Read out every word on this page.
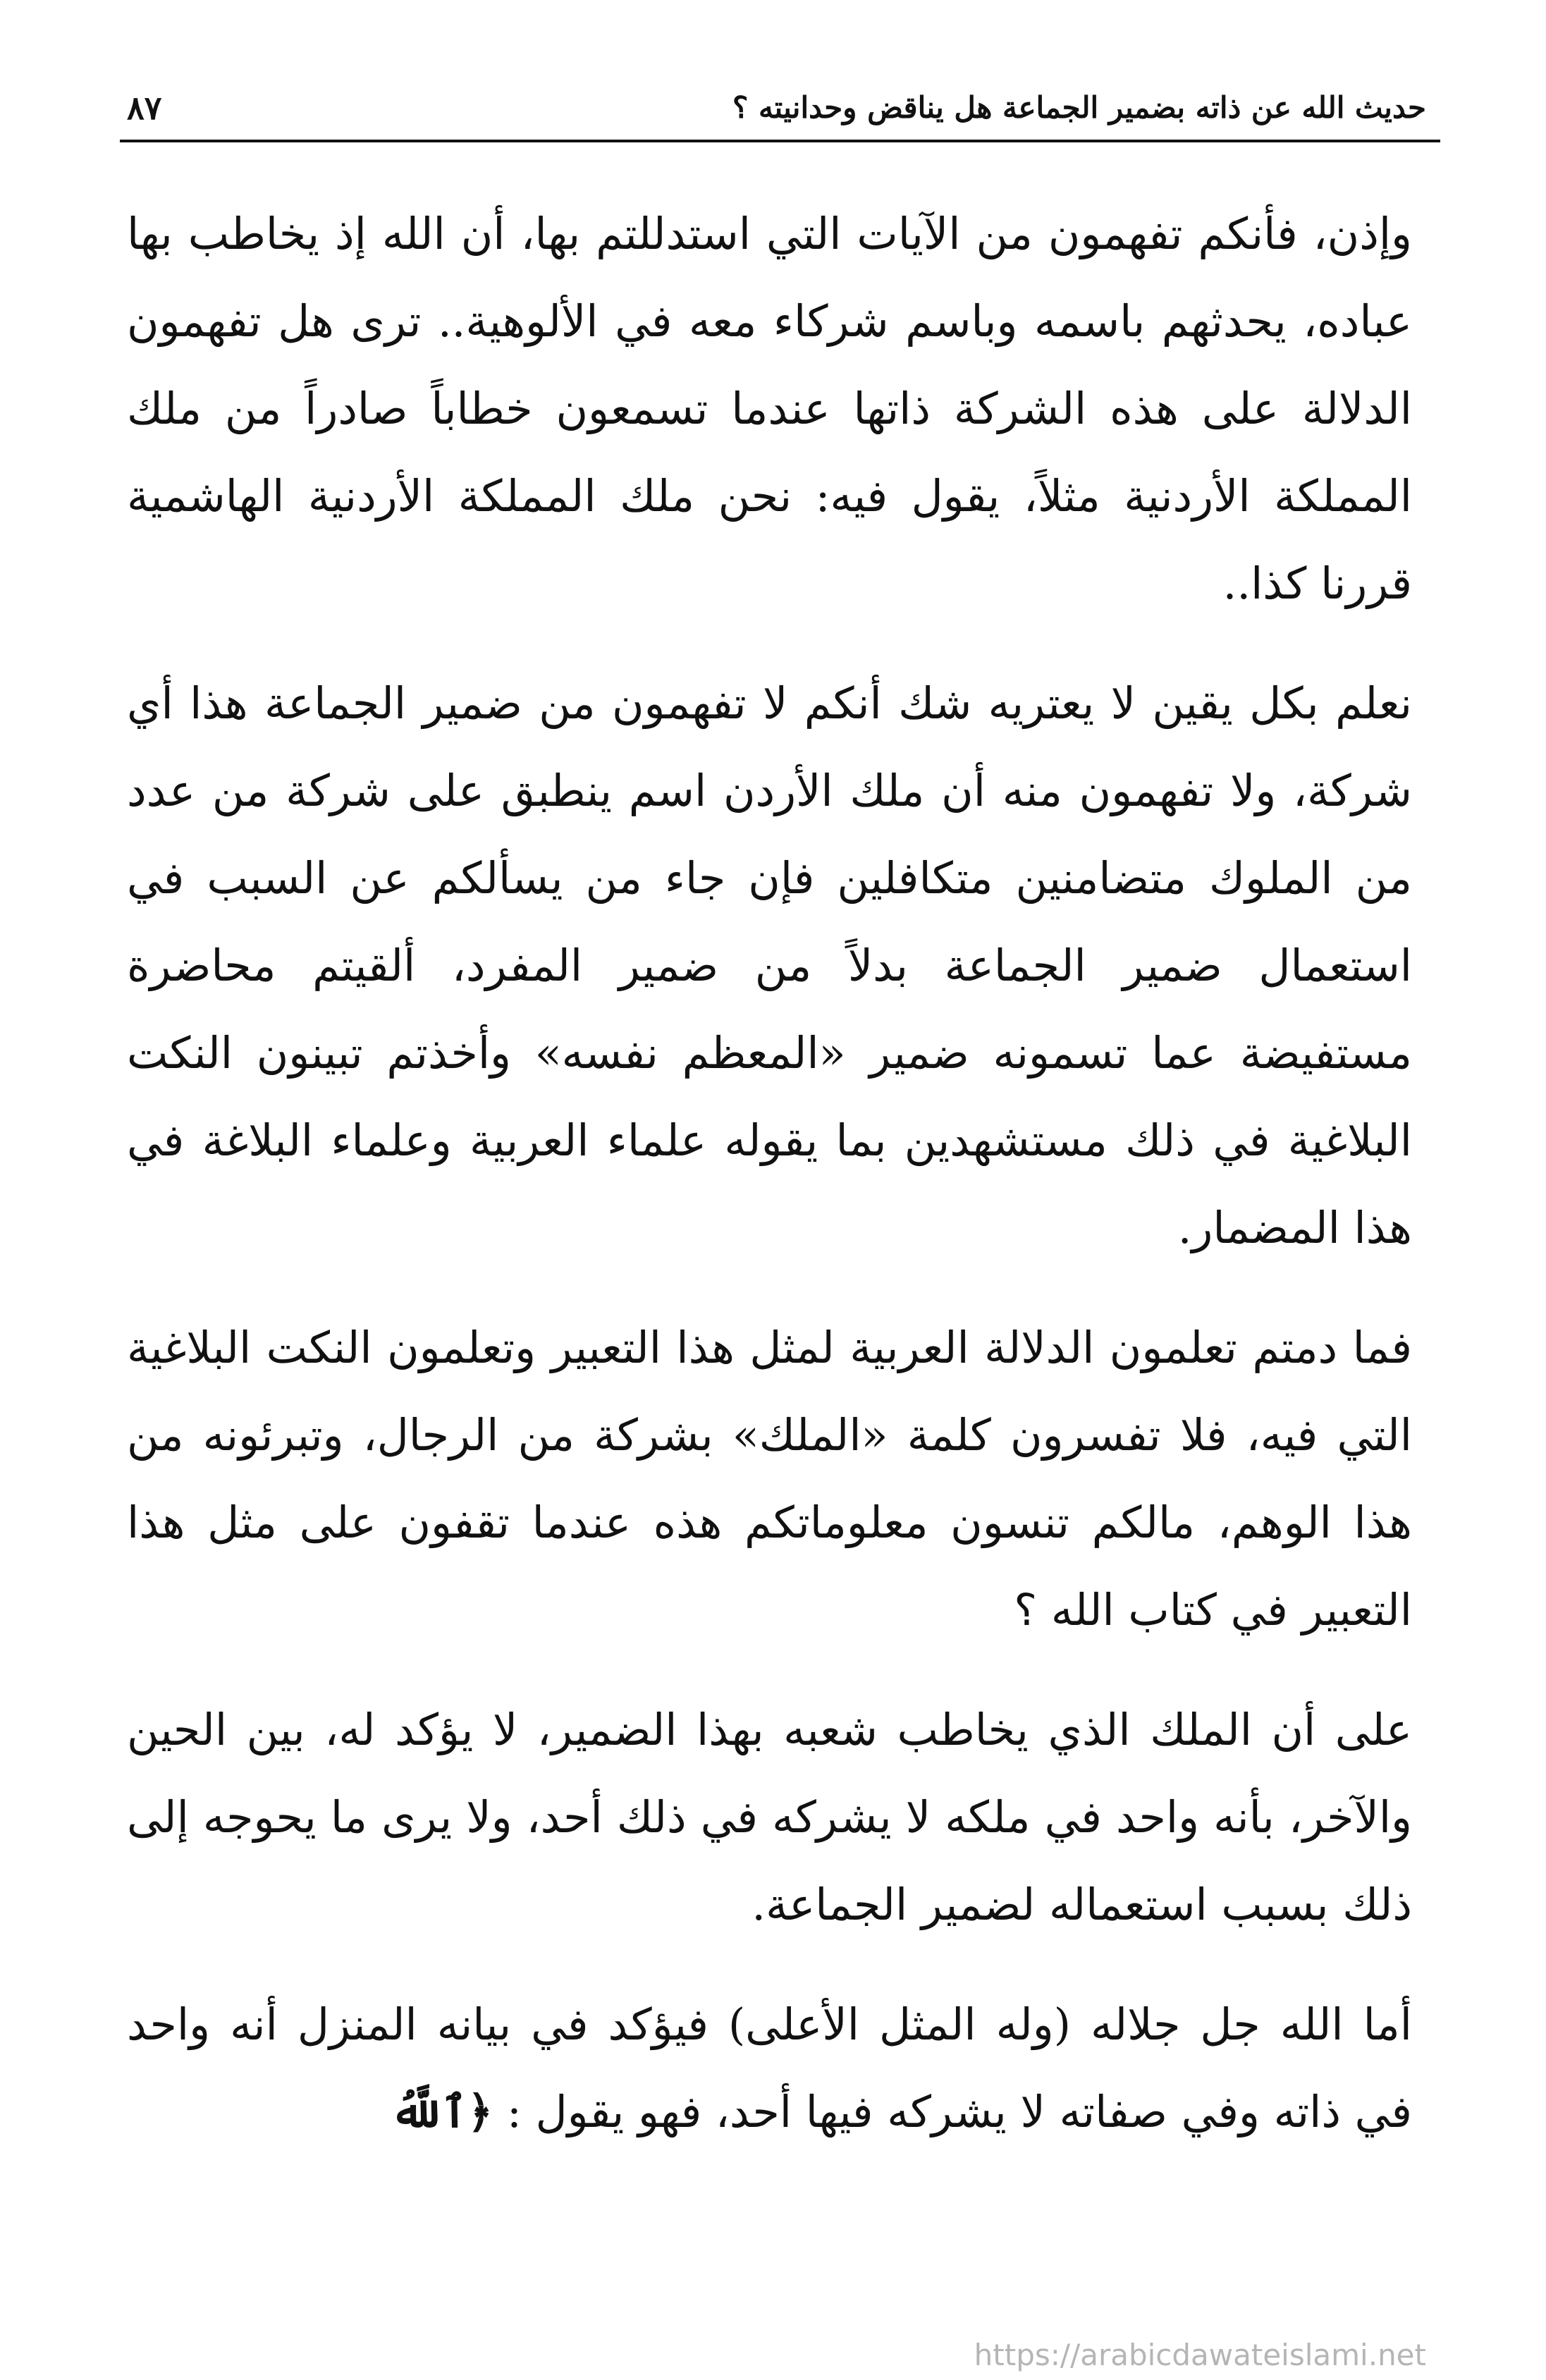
حديث الله عن ذاته بضمير الجماعة هل يناقض وحدانيته ؟
٨٧

وإذن، فأنكم تفهمون من الآيات التي استدللتم بها، أن الله إذ يخاطب بها عباده، يحدثهم باسمه وباسم شركاء معه في الألوهية.. ترى هل تفهمون الدلالة على هذه الشركة ذاتها عندما تسمعون خطاباً صادراً من ملك المملكة الأردنية مثلاً، يقول فيه: نحن ملك المملكة الأردنية الهاشمية قررنا كذا..

نعلم بكل يقين لا يعتريه شك أنكم لا تفهمون من ضمير الجماعة هذا أي شركة، ولا تفهمون منه أن ملك الأردن اسم ينطبق على شركة من عدد من الملوك متضامنين متكافلين فإن جاء من يسألكم عن السبب في استعمال ضمير الجماعة بدلاً من ضمير المفرد، ألقيتم محاضرة مستفيضة عما تسمونه ضمير «المعظم نفسه» وأخذتم تبينون النكت البلاغية في ذلك مستشهدين بما يقوله علماء العربية وعلماء البلاغة في هذا المضمار.

فما دمتم تعلمون الدلالة العربية لمثل هذا التعبير وتعلمون النكت البلاغية التي فيه، فلا تفسرون كلمة «الملك» بشركة من الرجال، وتبرئونه من هذا الوهم، مالكم تنسون معلوماتكم هذه عندما تقفون على مثل هذا التعبير في كتاب الله ؟

على أن الملك الذي يخاطب شعبه بهذا الضمير، لا يؤكد له، بين الحين والآخر، بأنه واحد في ملكه لا يشركه في ذلك أحد، ولا يرى ما يحوجه إلى ذلك بسبب استعماله لضمير الجماعة.

أما الله جل جلاله (وله المثل الأعلى) فيؤكد في بيانه المنزل أنه واحد في ذاته وفي صفاته لا يشركه فيها أحد، فهو يقول : ﴿ٱللَّهُ

https://arabicdawateislami.net
